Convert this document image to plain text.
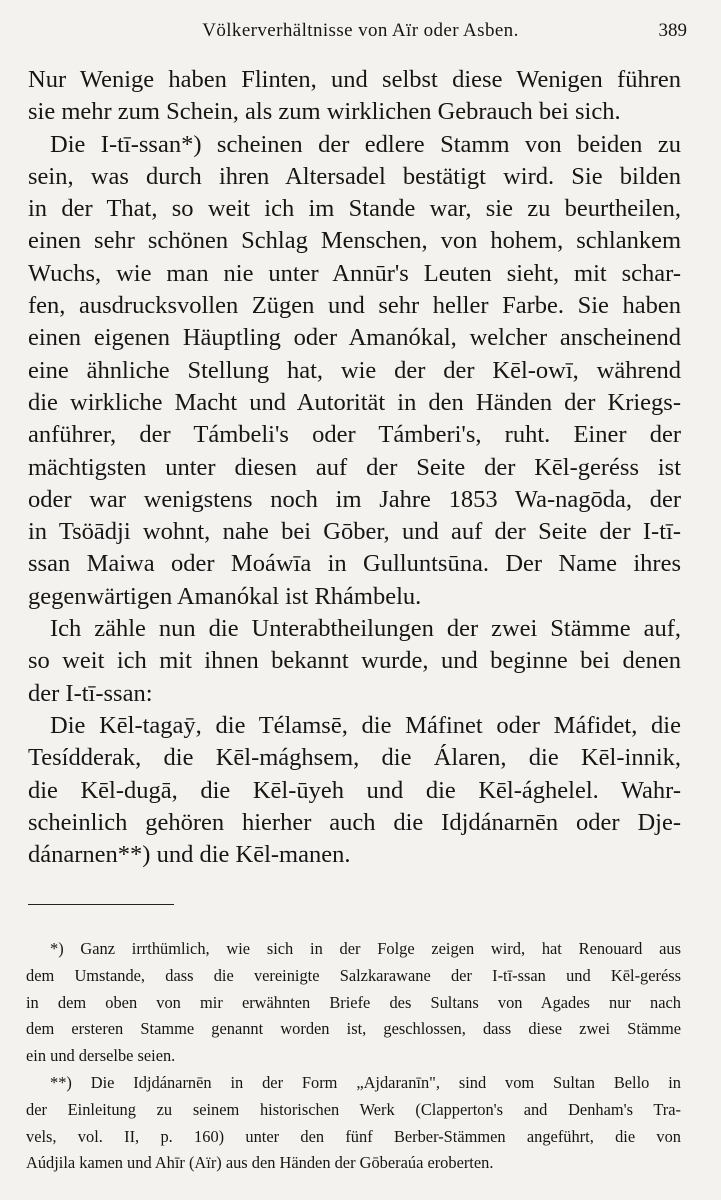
Völkerverhältnisse von Aïr oder Asben.	389
Nur Wenige haben Flinten, und selbst diese Wenigen führen
sie mehr zum Schein, als zum wirklichen Gebrauch bei sich.
Die I-tī-ssan*) scheinen der edlere Stamm von beiden zu
sein, was durch ihren Altersadel bestätigt wird. Sie bilden
in der That, so weit ich im Stande war, sie zu beurtheilen,
einen sehr schönen Schlag Menschen, von hohem, schlankem
Wuchs, wie man nie unter Annūr's Leuten sieht, mit schar-
fen, ausdrucksvollen Zügen und sehr heller Farbe. Sie haben
einen eigenen Häuptling oder Amanókal, welcher anscheinend
eine ähnliche Stellung hat, wie der der Kēl-owī, während
die wirkliche Macht und Autorität in den Händen der Kriegs-
anführer, der Támbeli's oder Támberi's, ruht. Einer der
mächtigsten unter diesen auf der Seite der Kēl-geréss ist
oder war wenigstens noch im Jahre 1853 Wa-nagōda, der
in Tsöādji wohnt, nahe bei Gōber, und auf der Seite der I-tī-
ssan Maiwa oder Moáwīa in Gulluntsūna. Der Name ihres
gegenwärtigen Amanókal ist Rhámbelu.
Ich zähle nun die Unterabtheilungen der zwei Stämme auf,
so weit ich mit ihnen bekannt wurde, und beginne bei denen
der I-tī-ssan:
Die Kēl-tagaȳ, die Télamsē, die Máfinet oder Máfidet, die
Tesídderak, die Kēl-mághsem, die Álaren, die Kēl-innik,
die Kēl-dugā, die Kēl-ūyeh und die Kēl-ághelel. Wahr-
scheinlich gehören hierher auch die Idjdánarnēn oder Dje-
dánarnen**) und die Kēl-manen.
*) Ganz irrthümlich, wie sich in der Folge zeigen wird, hat Renouard aus
dem Umstande, dass die vereinigte Salzkarawane der I-tī-ssan und Kēl-geréss
in dem oben von mir erwähnten Briefe des Sultans von Agades nur nach
dem ersteren Stamme genannt worden ist, geschlossen, dass diese zwei Stämme
ein und derselbe seien.
**) Die Idjdánarnēn in der Form „Ajdaranīn", sind vom Sultan Bello in
der Einleitung zu seinem historischen Werk (Clapperton's and Denham's Tra-
vels, vol. II, p. 160) unter den fünf Berber-Stämmen angeführt, die von
Aúdjila kamen und Ahīr (Aïr) aus den Händen der Gōberaúa eroberten.
